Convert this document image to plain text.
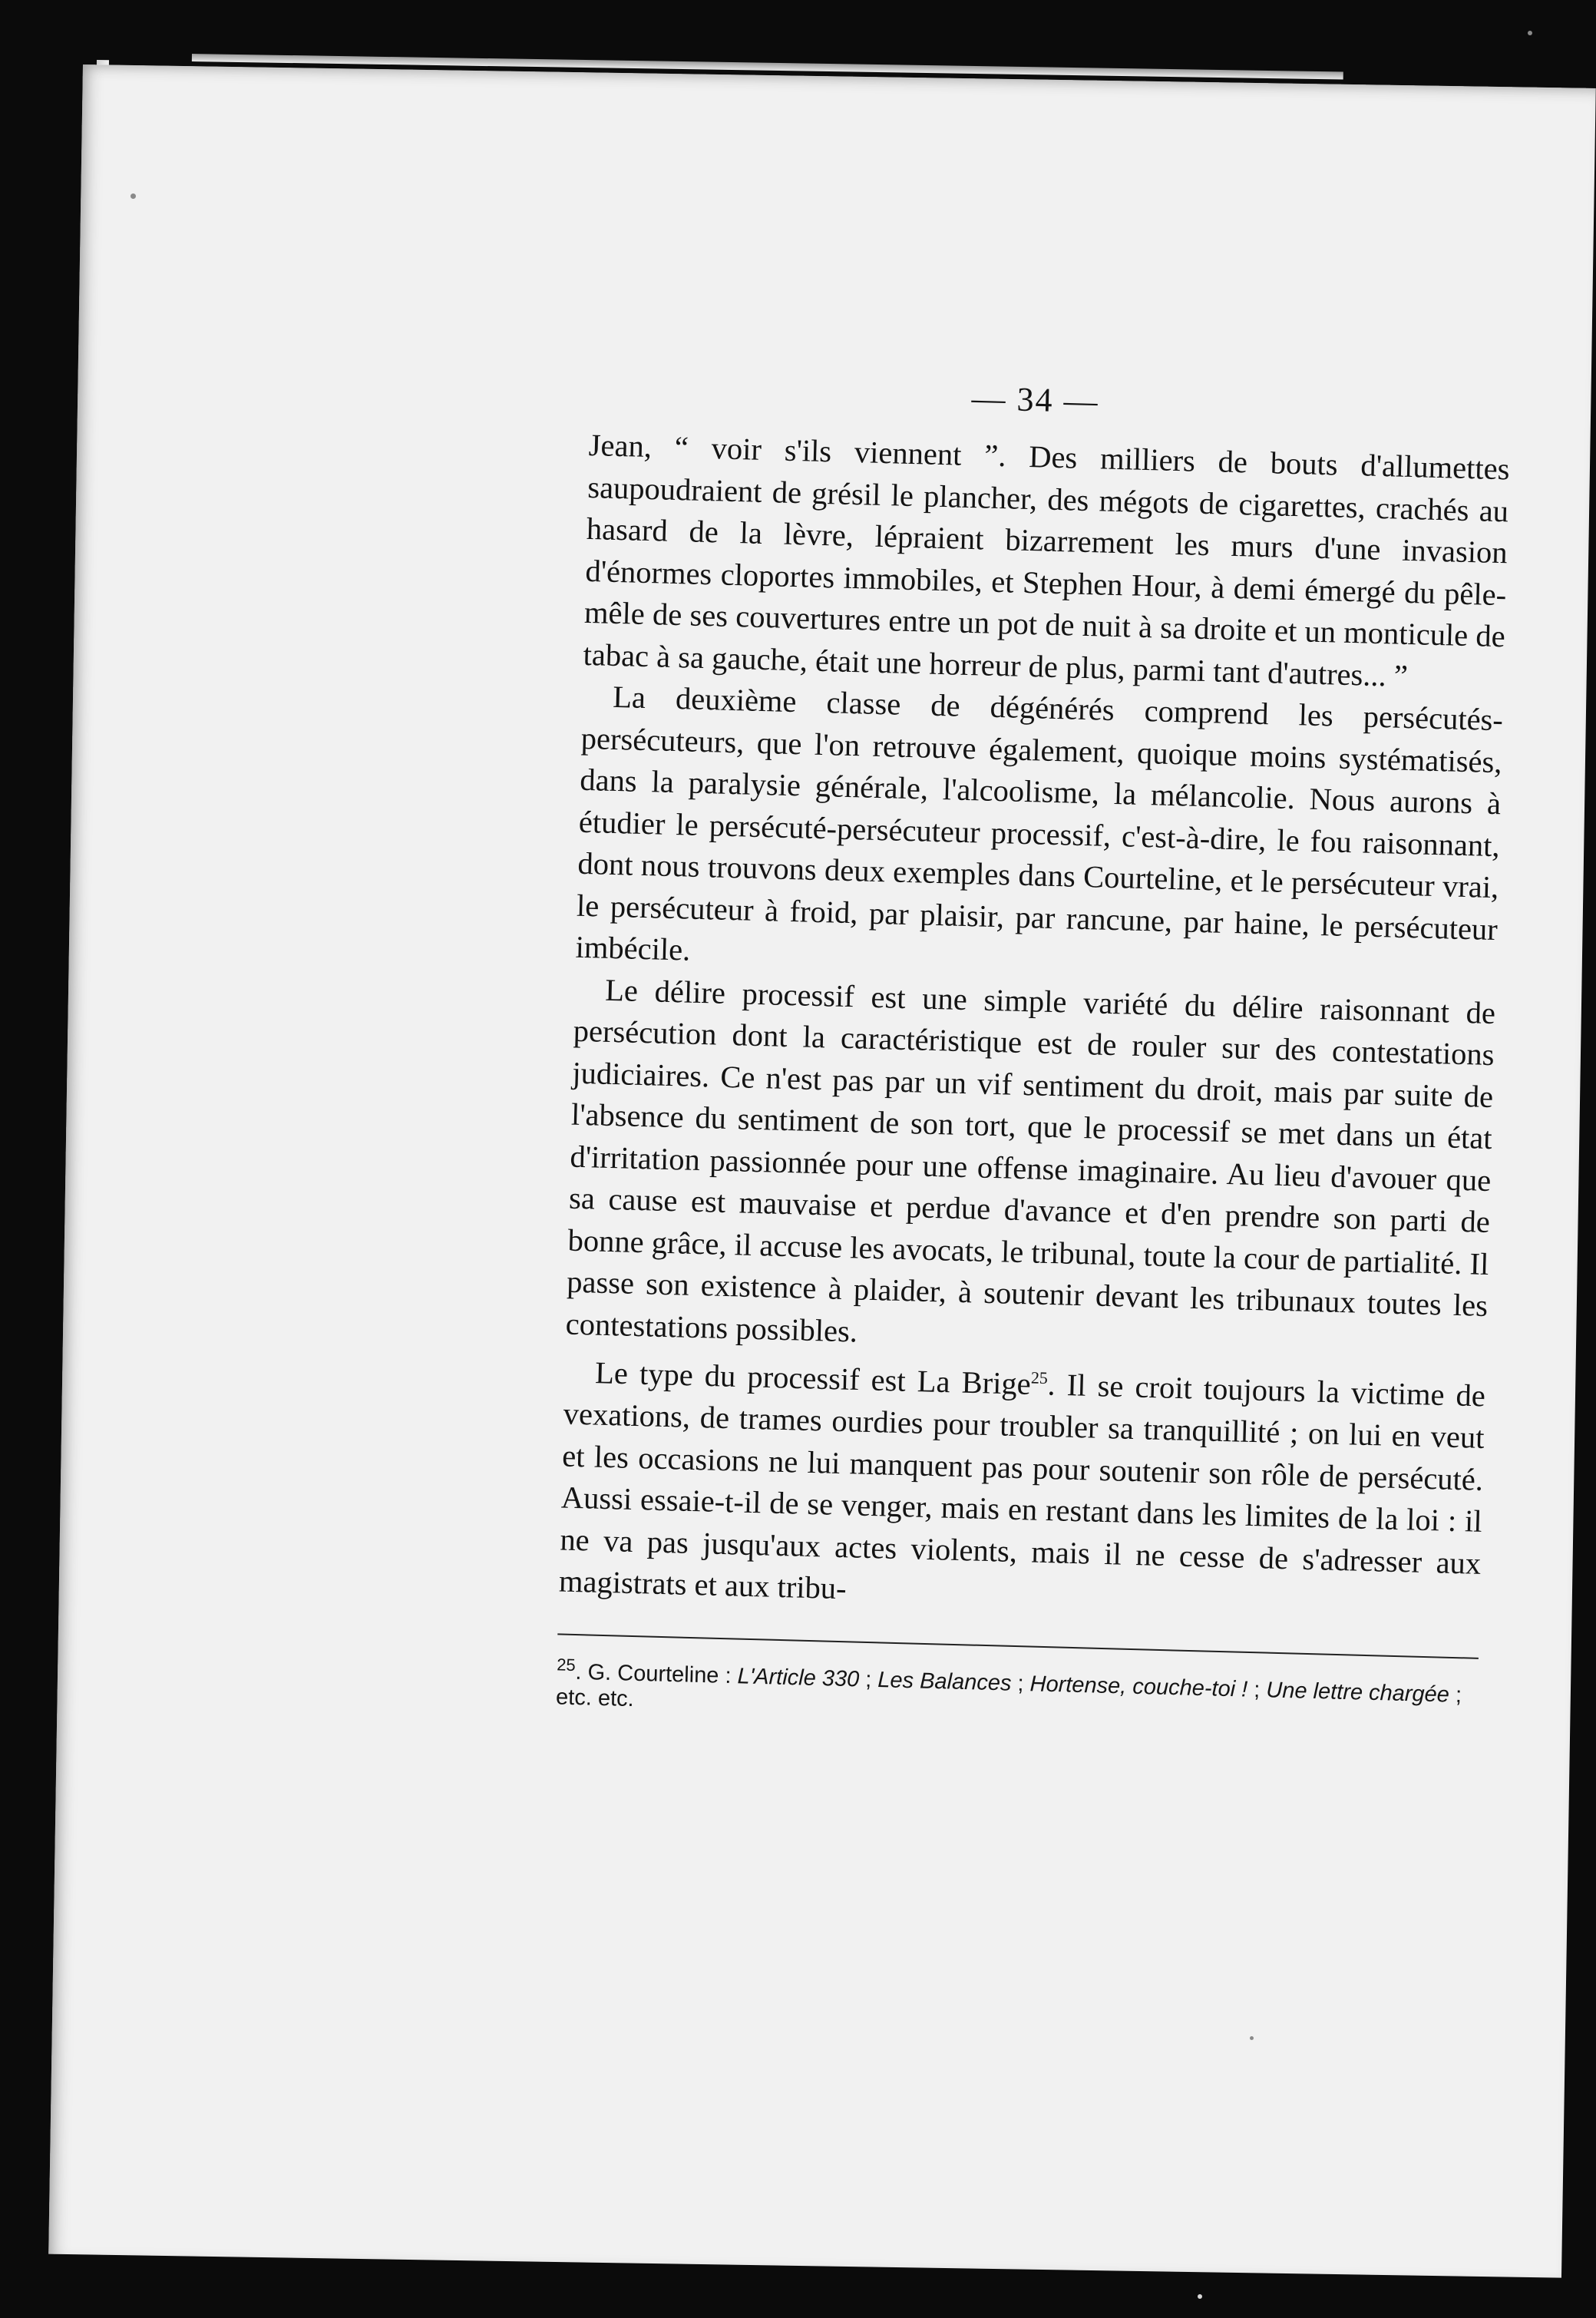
— 34 —

Jean, “ voir s'ils viennent ”. Des milliers de bouts d'allumettes saupoudraient de grésil le plancher, des mégots de cigarettes, crachés au hasard de la lèvre, lépraient bizarrement les murs d'une invasion d'énormes cloportes immobiles, et Stephen Hour, à demi émergé du pêle-mêle de ses couvertures entre un pot de nuit à sa droite et un monticule de tabac à sa gauche, était une horreur de plus, parmi tant d'autres... ”

La deuxième classe de dégénérés comprend les persécutés-persécuteurs, que l'on retrouve également, quoique moins systématisés, dans la paralysie générale, l'alcoolisme, la mélancolie. Nous aurons à étudier le persécuté-persécuteur processif, c'est-à-dire, le fou raisonnant, dont nous trouvons deux exemples dans Courteline, et le persécuteur vrai, le persécuteur à froid, par plaisir, par rancune, par haine, le persécuteur imbécile.

Le délire processif est une simple variété du délire raisonnant de persécution dont la caractéristique est de rouler sur des contestations judiciaires. Ce n'est pas par un vif sentiment du droit, mais par suite de l'absence du sentiment de son tort, que le processif se met dans un état d'irritation passionnée pour une offense imaginaire. Au lieu d'avouer que sa cause est mauvaise et perdue d'avance et d'en prendre son parti de bonne grâce, il accuse les avocats, le tribunal, toute la cour de partialité. Il passe son existence à plaider, à soutenir devant les tribunaux toutes les contestations possibles.

Le type du processif est La Brige$^{25}$. Il se croit toujours la victime de vexations, de trames ourdies pour troubler sa tranquillité ; on lui en veut et les occasions ne lui manquent pas pour soutenir son rôle de persécuté. Aussi essaie-t-il de se venger, mais en restant dans les limites de la loi : il ne va pas jusqu'aux actes violents, mais il ne cesse de s'adresser aux magistrats et aux tribu-

$^{25}$. G. Courteline : L'Article 330 ; Les Balances ; Hortense, couche-toi ! ; Une lettre chargée ; etc. etc.
